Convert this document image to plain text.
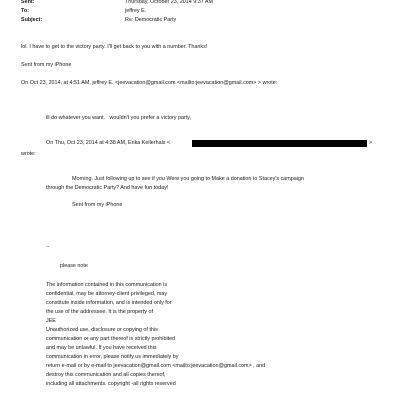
Sent:	Thursday, October 23, 2014 9:37 AM
To:	jeffrey E.
Subject:	Re: Democratic Party
lol. I have to get to the victory party. I'll get back to you with a number. Thanks!
Sent from my iPhone
On Oct 23, 2014, at 4:51 AM, jeffrey E. <jeevacation@gmail.com <mailto:jeevacation@gmail.com> > wrote:
ill do whatever you want.   wouldn't you prefer a victory party,
On Thu, Oct 23, 2014 at 4:38 AM, Erika Kellerhals <	>
wrote:
Morning. Just following up to see if you Were you going to Make a donation to Stacey's campaign
through the Democratic Party? And have fun today!
Sent from my iPhone
--
please note
The information contained in this communication is
confidential, may be attorney-client privileged, may
constitute inside information, and is intended only for
the use of the addressee. It is the property of
JEE
Unauthorized use, disclosure or copying of this
communication or any part thereof is strictly prohibited
and may be unlawful. If you have received this
communication in error, please notify us immediately by
return e-mail or by e-mail to jeevacation@gmail.com <mailto:jeevacation@gmail.com> , and
destroy this communication and all copies thereof,
including all attachments. copyright -all rights reserved
